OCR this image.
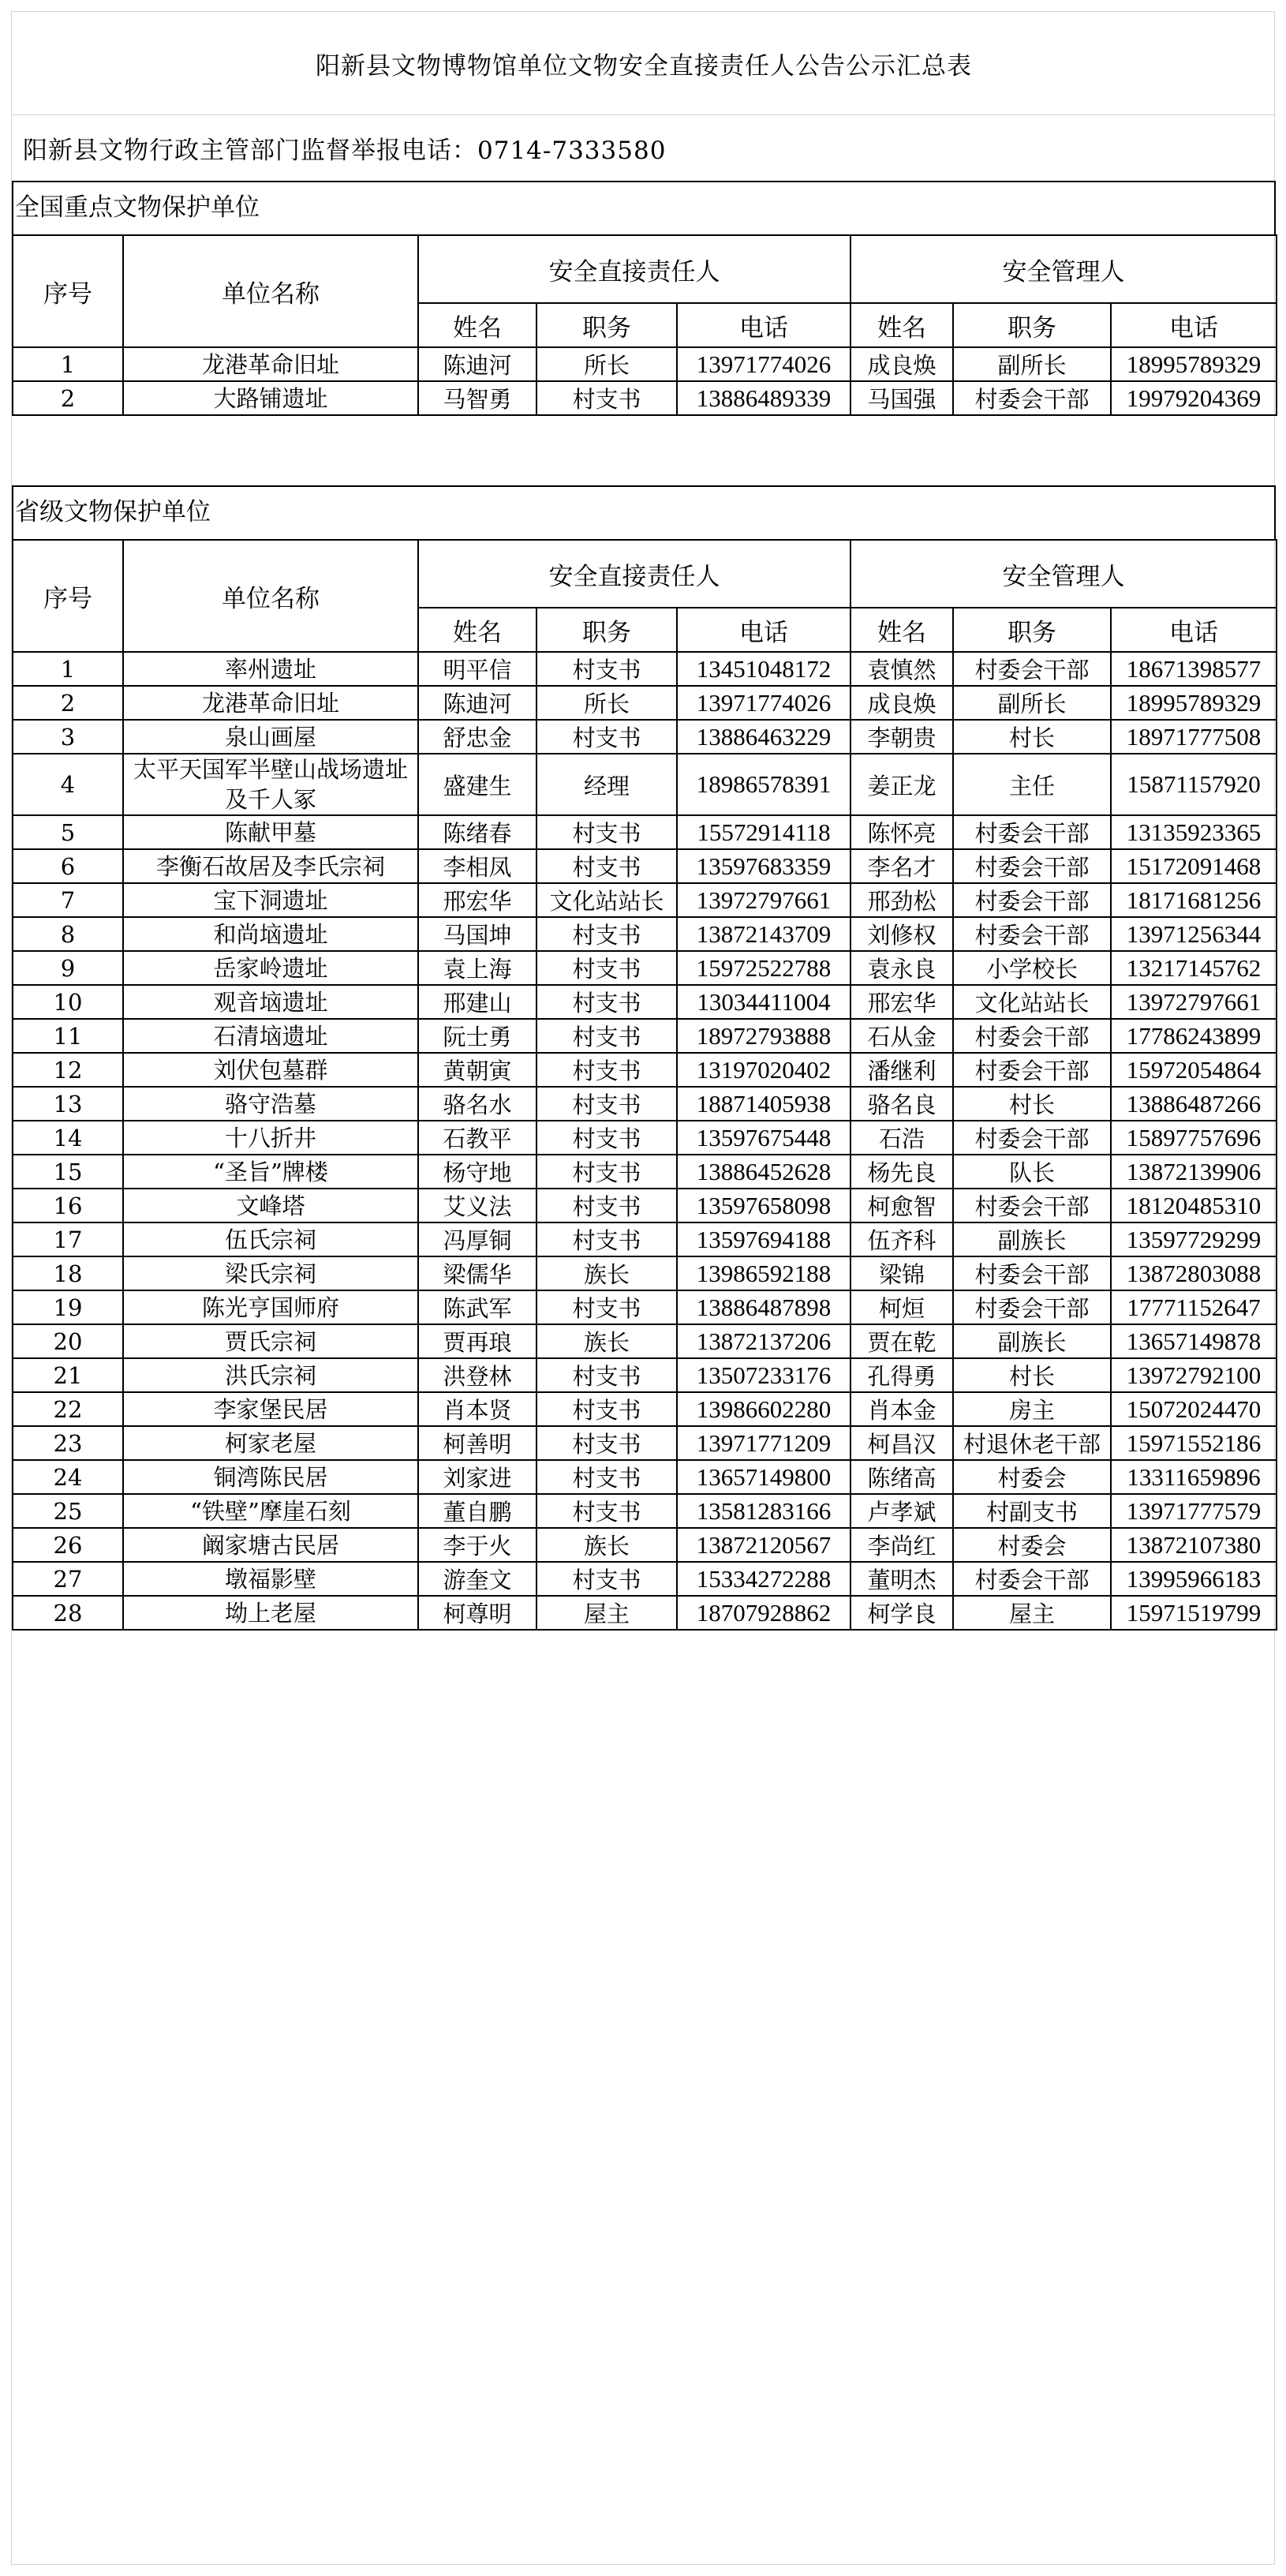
阳新县文物博物馆单位文物安全直接责任人公告公示汇总表
阳新县文物行政主管部门监督举报电话：0714-7333580
全国重点文物保护单位
序号	单位名称	安全直接责任人			安全管理人		
		姓名	职务	电话	姓名	职务	电话
1	龙港革命旧址	陈迪河	所长	13971774026	成良焕	副所长	18995789329
2	大路铺遗址	马智勇	村支书	13886489339	马国强	村委会干部	19979204369
省级文物保护单位
序号	单位名称	安全直接责任人			安全管理人		
		姓名	职务	电话	姓名	职务	电话
1	率州遗址	明平信	村支书	13451048172	袁慎然	村委会干部	18671398577
2	龙港革命旧址	陈迪河	所长	13971774026	成良焕	副所长	18995789329
3	泉山画屋	舒忠金	村支书	13886463229	李朝贵	村长	18971777508
4	太平天国军半壁山战场遗址及千人冢	盛建生	经理	18986578391	姜正龙	主任	15871157920
5	陈献甲墓	陈绪春	村支书	15572914118	陈怀亮	村委会干部	13135923365
6	李衡石故居及李氏宗祠	李相凤	村支书	13597683359	李名才	村委会干部	15172091468
7	宝下洞遗址	邢宏华	文化站站长	13972797661	邢劲松	村委会干部	18171681256
8	和尚垴遗址	马国坤	村支书	13872143709	刘修权	村委会干部	13971256344
9	岳家岭遗址	袁上海	村支书	15972522788	袁永良	小学校长	13217145762
10	观音垴遗址	邢建山	村支书	13034411004	邢宏华	文化站站长	13972797661
11	石清垴遗址	阮士勇	村支书	18972793888	石从金	村委会干部	17786243899
12	刘伏包墓群	黄朝寅	村支书	13197020402	潘继利	村委会干部	15972054864
13	骆守浩墓	骆名水	村支书	18871405938	骆名良	村长	13886487266
14	十八折井	石教平	村支书	13597675448	石浩	村委会干部	15897757696
15	“圣旨”牌楼	杨守地	村支书	13886452628	杨先良	队长	13872139906
16	文峰塔	艾义法	村支书	13597658098	柯愈智	村委会干部	18120485310
17	伍氏宗祠	冯厚铜	村支书	13597694188	伍齐科	副族长	13597729299
18	梁氏宗祠	梁儒华	族长	13986592188	梁锦	村委会干部	13872803088
19	陈光亨国师府	陈武军	村支书	13886487898	柯烜	村委会干部	17771152647
20	贾氏宗祠	贾再琅	族长	13872137206	贾在乾	副族长	13657149878
21	洪氏宗祠	洪登林	村支书	13507233176	孔得勇	村长	13972792100
22	李家堡民居	肖本贤	村支书	13986602280	肖本金	房主	15072024470
23	柯家老屋	柯善明	村支书	13971771209	柯昌汉	村退休老干部	15971552186
24	铜湾陈民居	刘家进	村支书	13657149800	陈绪高	村委会	13311659896
25	“铁壁”摩崖石刻	董自鹏	村支书	13581283166	卢孝斌	村副支书	13971777579
26	阚家塘古民居	李于火	族长	13872120567	李尚红	村委会	13872107380
27	墩福影壁	游奎文	村支书	15334272288	董明杰	村委会干部	13995966183
28	坳上老屋	柯尊明	屋主	18707928862	柯学良	屋主	15971519799
